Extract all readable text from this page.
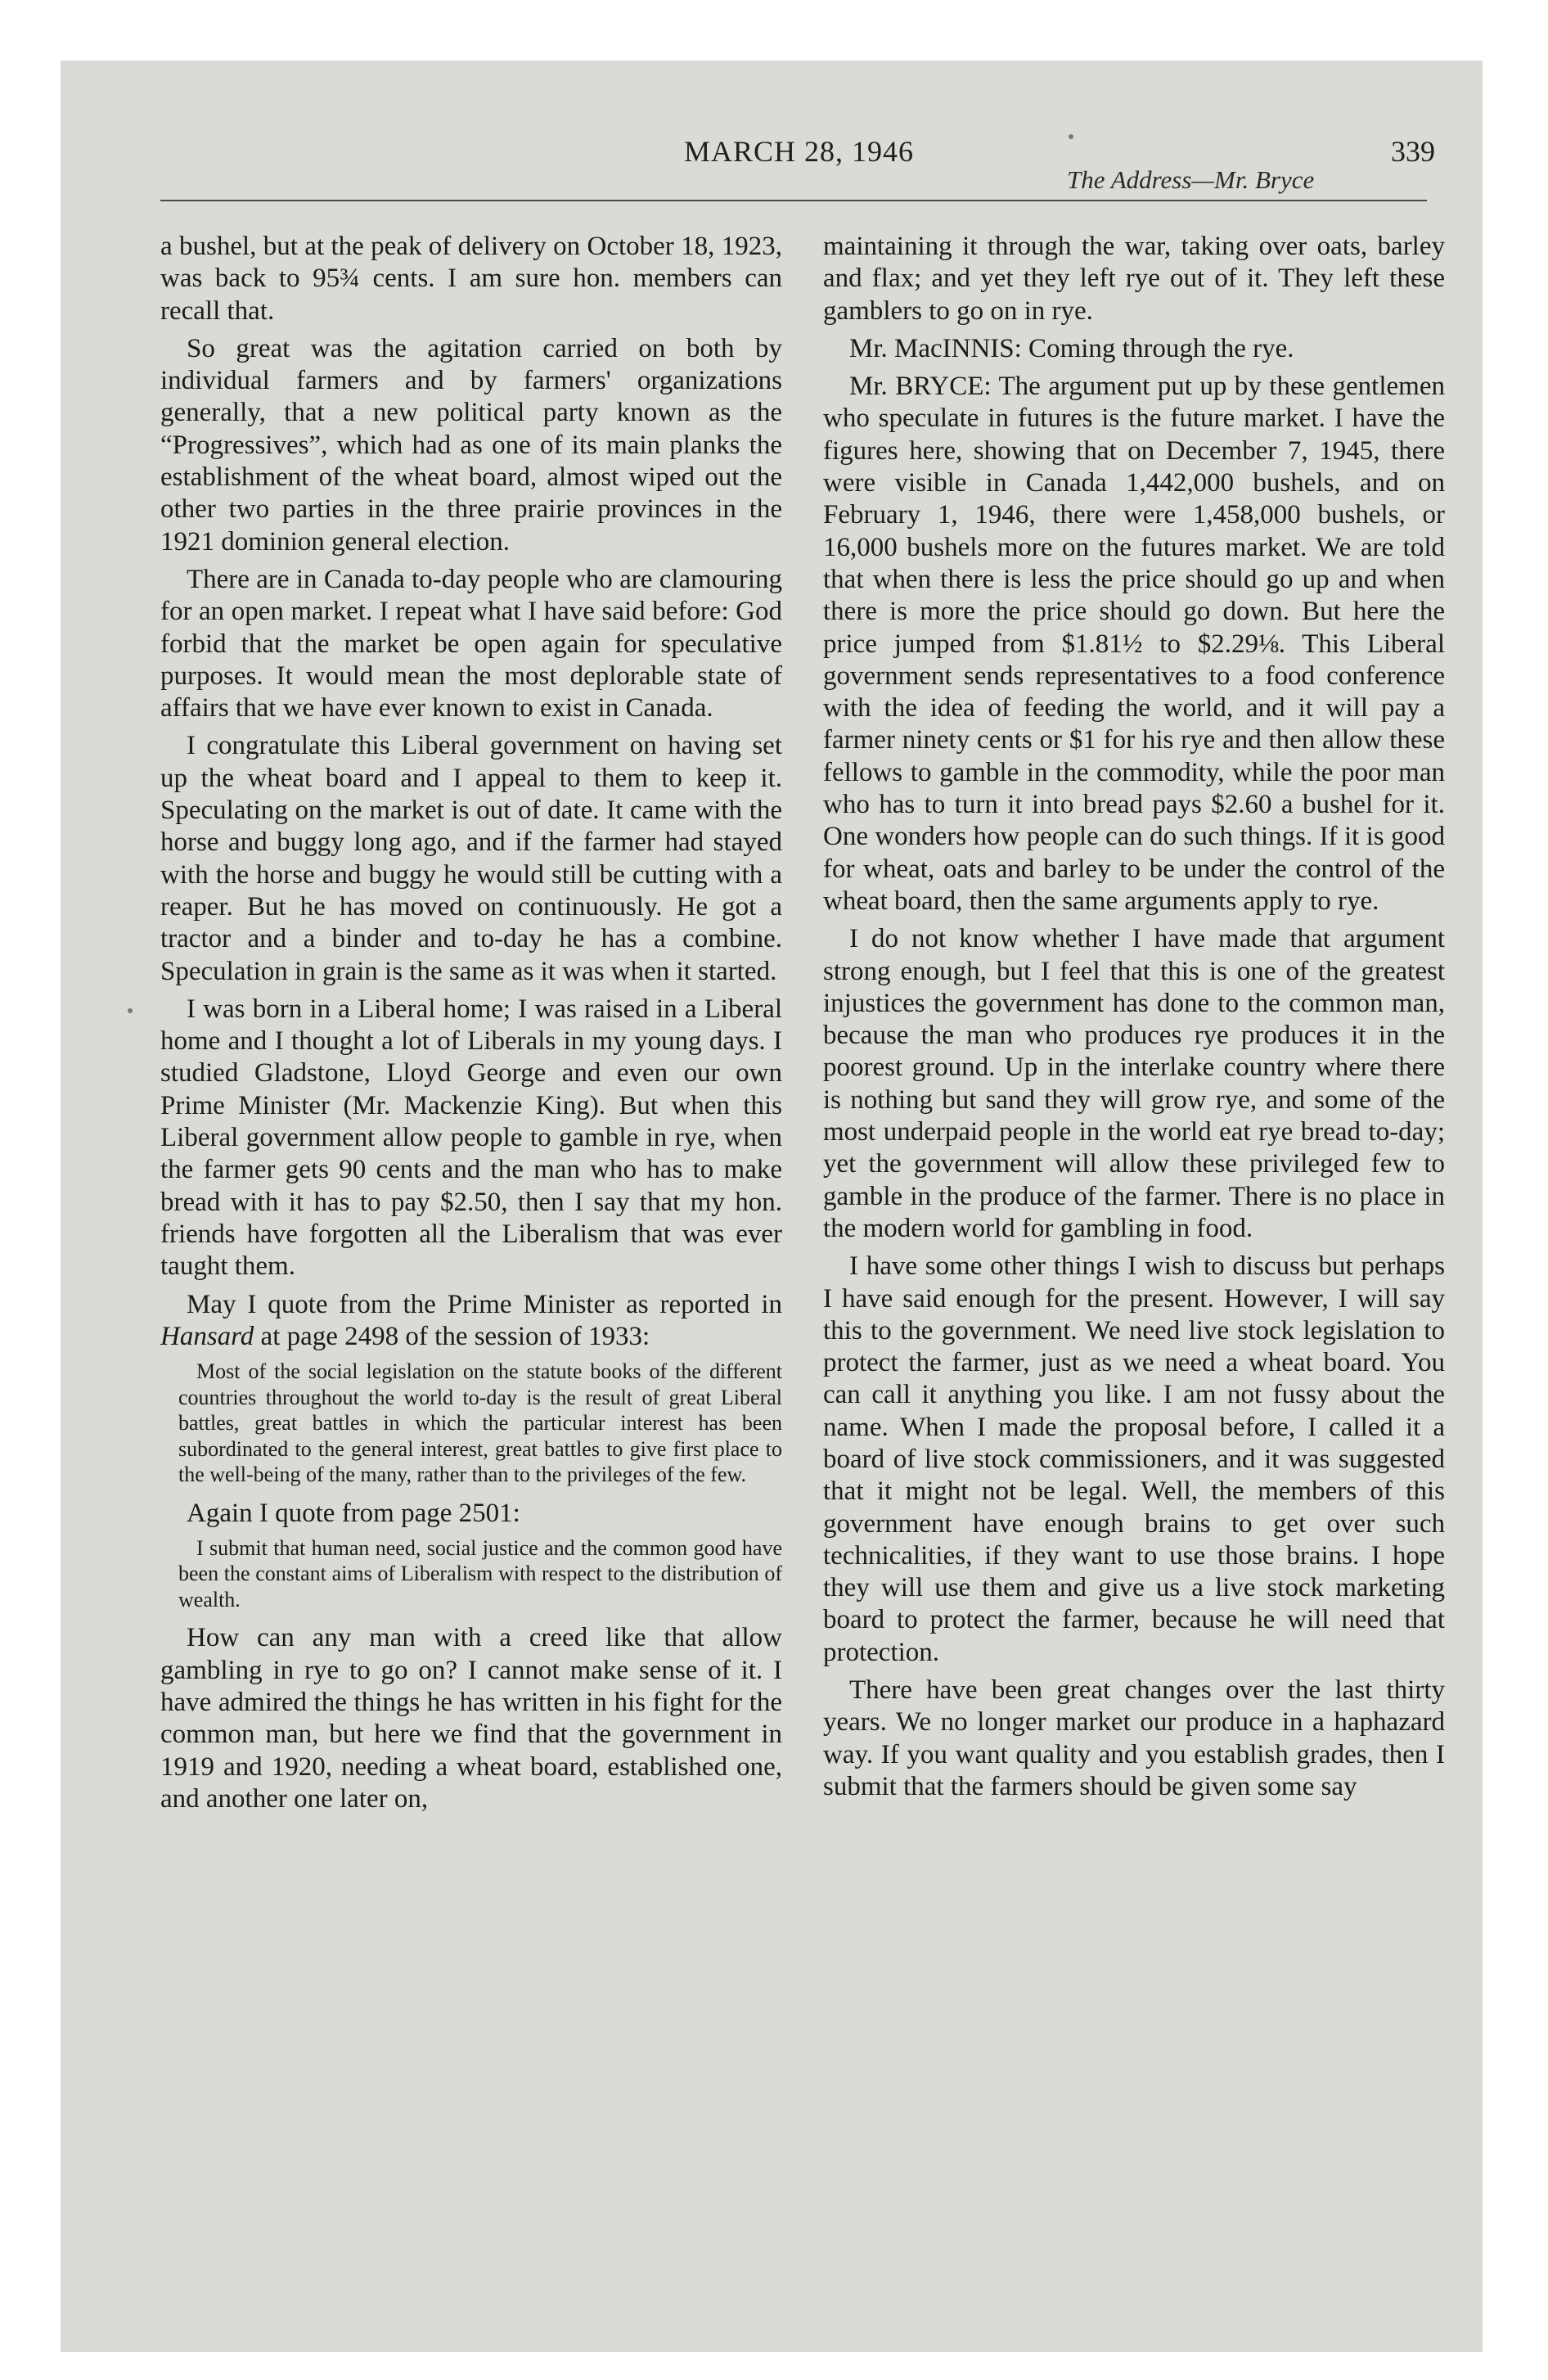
MARCH 28, 1946	339
The Address—Mr. Bryce

a bushel, but at the peak of delivery on October 18, 1923, was back to 95¾ cents. I am sure hon. members can recall that.

So great was the agitation carried on both by individual farmers and by farmers' organizations generally, that a new political party known as the “Progressives”, which had as one of its main planks the establishment of the wheat board, almost wiped out the other two parties in the three prairie provinces in the 1921 dominion general election.

There are in Canada to-day people who are clamouring for an open market. I repeat what I have said before: God forbid that the market be open again for speculative purposes. It would mean the most deplorable state of affairs that we have ever known to exist in Canada.

I congratulate this Liberal government on having set up the wheat board and I appeal to them to keep it. Speculating on the market is out of date. It came with the horse and buggy long ago, and if the farmer had stayed with the horse and buggy he would still be cutting with a reaper. But he has moved on continuously. He got a tractor and a binder and to-day he has a combine. Speculation in grain is the same as it was when it started.

I was born in a Liberal home; I was raised in a Liberal home and I thought a lot of Liberals in my young days. I studied Gladstone, Lloyd George and even our own Prime Minister (Mr. Mackenzie King). But when this Liberal government allow people to gamble in rye, when the farmer gets 90 cents and the man who has to make bread with it has to pay $2.50, then I say that my hon. friends have forgotten all the Liberalism that was ever taught them.

May I quote from the Prime Minister as reported in Hansard at page 2498 of the session of 1933:

Most of the social legislation on the statute books of the different countries throughout the world to-day is the result of great Liberal battles, great battles in which the particular interest has been subordinated to the general interest, great battles to give first place to the well-being of the many, rather than to the privileges of the few.

Again I quote from page 2501:

I submit that human need, social justice and the common good have been the constant aims of Liberalism with respect to the distribution of wealth.

How can any man with a creed like that allow gambling in rye to go on? I cannot make sense of it. I have admired the things he has written in his fight for the common man, but here we find that the government in 1919 and 1920, needing a wheat board, established one, and another one later on,

maintaining it through the war, taking over oats, barley and flax; and yet they left rye out of it. They left these gamblers to go on in rye.

Mr. MacINNIS: Coming through the rye.

Mr. BRYCE: The argument put up by these gentlemen who speculate in futures is the future market. I have the figures here, showing that on December 7, 1945, there were visible in Canada 1,442,000 bushels, and on February 1, 1946, there were 1,458,000 bushels, or 16,000 bushels more on the futures market. We are told that when there is less the price should go up and when there is more the price should go down. But here the price jumped from $1.81½ to $2.29⅛. This Liberal government sends representatives to a food conference with the idea of feeding the world, and it will pay a farmer ninety cents or $1 for his rye and then allow these fellows to gamble in the commodity, while the poor man who has to turn it into bread pays $2.60 a bushel for it. One wonders how people can do such things. If it is good for wheat, oats and barley to be under the control of the wheat board, then the same arguments apply to rye.

I do not know whether I have made that argument strong enough, but I feel that this is one of the greatest injustices the government has done to the common man, because the man who produces rye produces it in the poorest ground. Up in the interlake country where there is nothing but sand they will grow rye, and some of the most underpaid people in the world eat rye bread to-day; yet the government will allow these privileged few to gamble in the produce of the farmer. There is no place in the modern world for gambling in food.

I have some other things I wish to discuss but perhaps I have said enough for the present. However, I will say this to the government. We need live stock legislation to protect the farmer, just as we need a wheat board. You can call it anything you like. I am not fussy about the name. When I made the proposal before, I called it a board of live stock commissioners, and it was suggested that it might not be legal. Well, the members of this government have enough brains to get over such technicalities, if they want to use those brains. I hope they will use them and give us a live stock marketing board to protect the farmer, because he will need that protection.

There have been great changes over the last thirty years. We no longer market our produce in a haphazard way. If you want quality and you establish grades, then I submit that the farmers should be given some say
